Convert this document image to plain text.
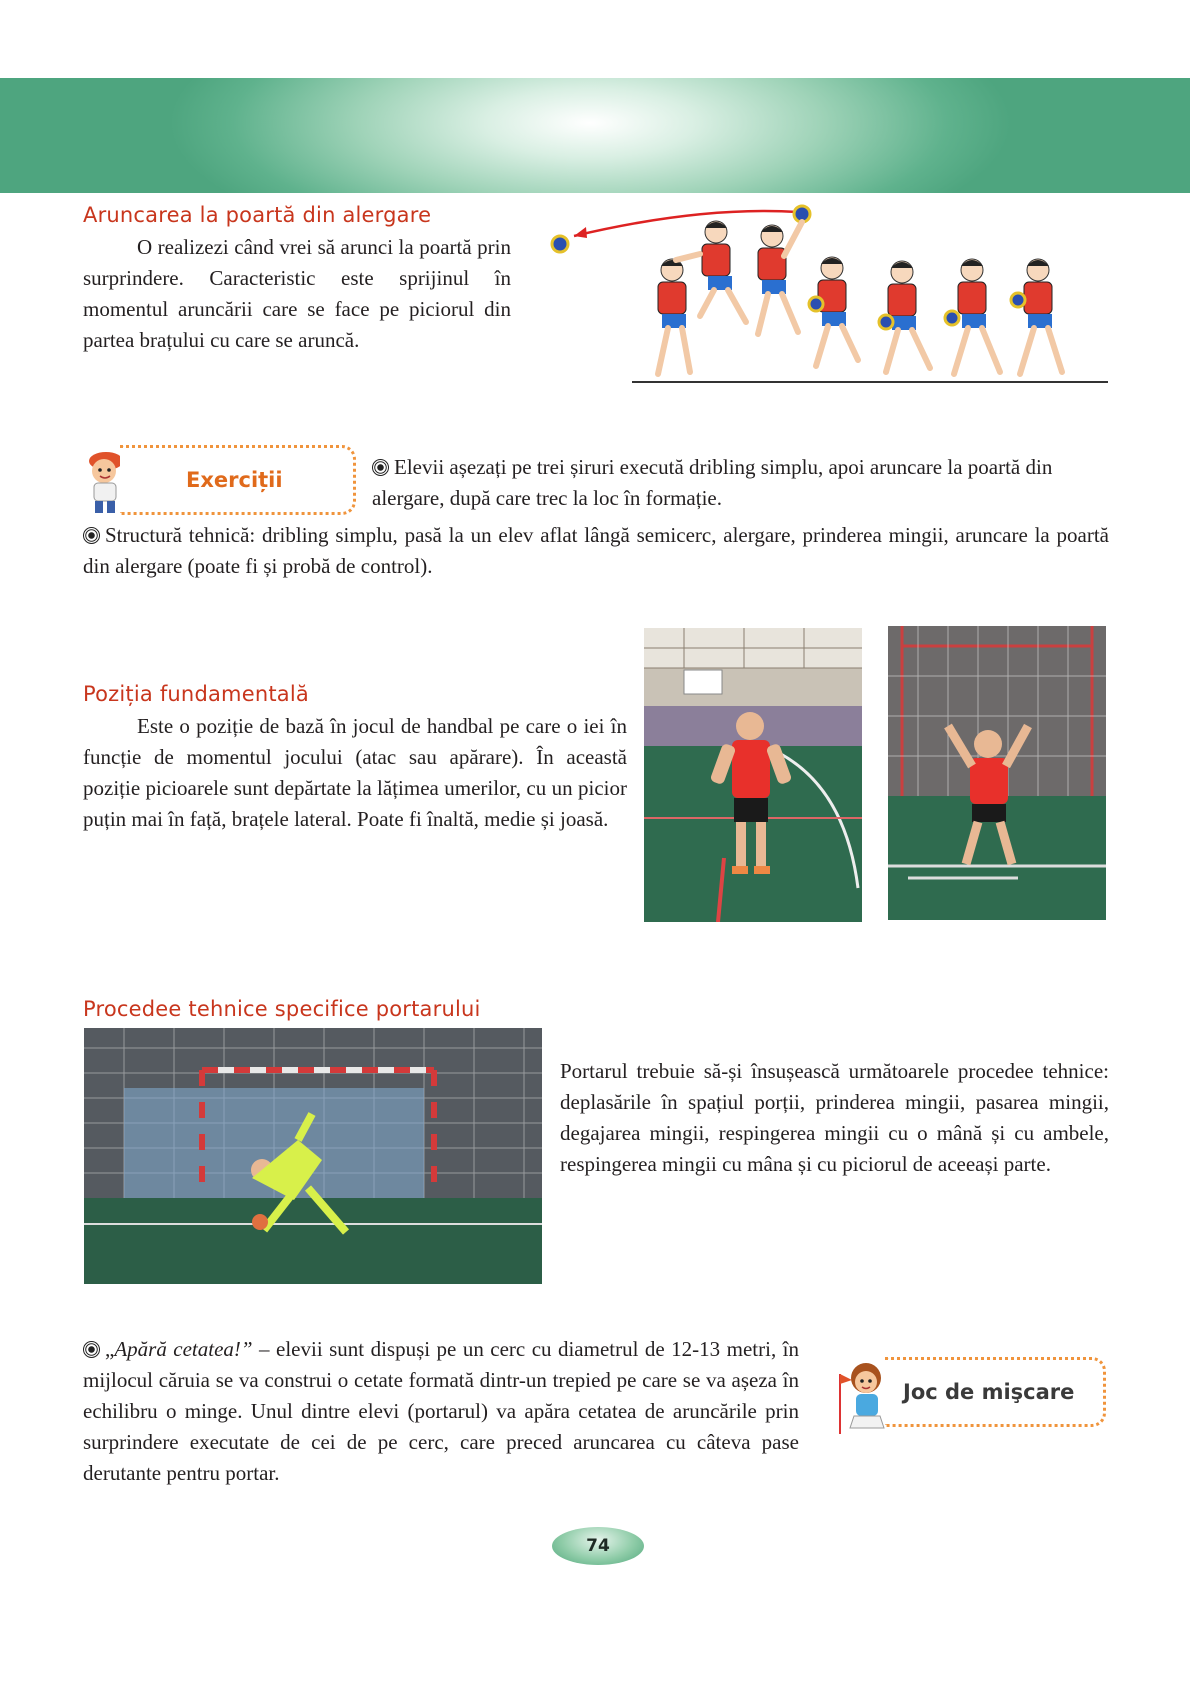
Aruncarea la poartă din alergare

O realizezi când vrei să arunci la poartă prin surprindere. Caracteristic este sprijinul în momentul aruncării care se face pe piciorul din partea brațului cu care se aruncă.

Exerciții

Elevii așezați pe trei șiruri execută dribling simplu, apoi aruncare la poartă din alergare, după care trec la loc în formație.

Structură tehnică: dribling simplu, pasă la un elev aflat lângă semicerc, alergare, prinderea mingii, aruncare la poartă din alergare (poate fi și probă de control).

Poziția fundamentală

Este o poziție de bază în jocul de handbal pe care o iei în funcție de momentul jocului (atac sau apărare). În această poziție picioarele sunt depărtate la lățimea umerilor, cu un picior puțin mai în față, brațele lateral. Poate fi înaltă, medie și joasă.

Procedee tehnice specifice portarului

Portarul trebuie să-și însușească următoarele procedee tehnice: deplasările în spațiul porții, prinderea mingii, pasarea mingii, degajarea mingii, respingerea mingii cu o mână și cu ambele, respingerea mingii cu mâna și cu piciorul de aceeași parte.

„Apără cetatea!” – elevii sunt dispuși pe un cerc cu diametrul de 12-13 metri, în mijlocul căruia se va construi o cetate formată dintr-un trepied pe care se va așeza în echilibru o minge. Unul dintre elevi (portarul) va apăra cetatea de aruncările prin surprindere executate de cei de pe cerc, care preced aruncarea cu câteva pase derutante pentru portar.

Joc de mişcare
74
